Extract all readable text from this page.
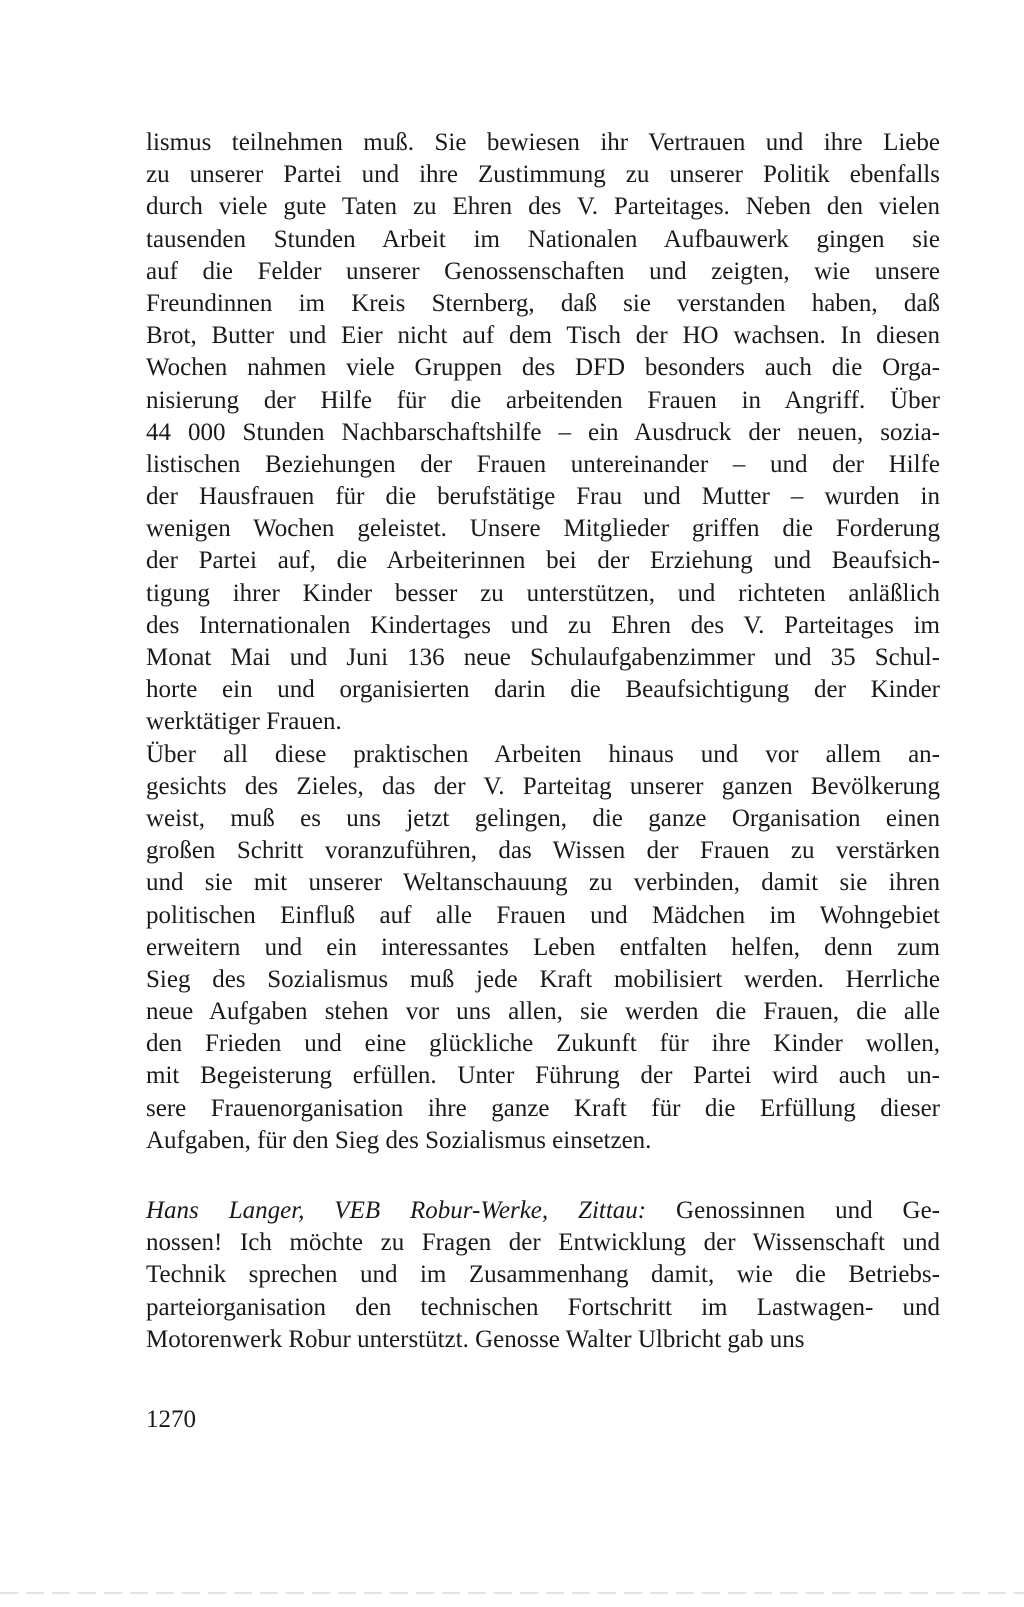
lismus teilnehmen muß. Sie bewiesen ihr Vertrauen und ihre Liebe
zu unserer Partei und ihre Zustimmung zu unserer Politik ebenfalls
durch viele gute Taten zu Ehren des V. Parteitages. Neben den vielen
tausenden Stunden Arbeit im Nationalen Aufbauwerk gingen sie
auf die Felder unserer Genossenschaften und zeigten, wie unsere
Freundinnen im Kreis Sternberg, daß sie verstanden haben, daß
Brot, Butter und Eier nicht auf dem Tisch der HO wachsen. In diesen
Wochen nahmen viele Gruppen des DFD besonders auch die Orga-
nisierung der Hilfe für die arbeitenden Frauen in Angriff. Über
44 000 Stunden Nachbarschaftshilfe – ein Ausdruck der neuen, sozia-
listischen Beziehungen der Frauen untereinander – und der Hilfe
der Hausfrauen für die berufstätige Frau und Mutter – wurden in
wenigen Wochen geleistet. Unsere Mitglieder griffen die Forderung
der Partei auf, die Arbeiterinnen bei der Erziehung und Beaufsich-
tigung ihrer Kinder besser zu unterstützen, und richteten anläßlich
des Internationalen Kindertages und zu Ehren des V. Parteitages im
Monat Mai und Juni 136 neue Schulaufgabenzimmer und 35 Schul-
horte ein und organisierten darin die Beaufsichtigung der Kinder
werktätiger Frauen.
Über all diese praktischen Arbeiten hinaus und vor allem an-
gesichts des Zieles, das der V. Parteitag unserer ganzen Bevölkerung
weist, muß es uns jetzt gelingen, die ganze Organisation einen
großen Schritt voranzuführen, das Wissen der Frauen zu verstärken
und sie mit unserer Weltanschauung zu verbinden, damit sie ihren
politischen Einfluß auf alle Frauen und Mädchen im Wohngebiet
erweitern und ein interessantes Leben entfalten helfen, denn zum
Sieg des Sozialismus muß jede Kraft mobilisiert werden. Herrliche
neue Aufgaben stehen vor uns allen, sie werden die Frauen, die alle
den Frieden und eine glückliche Zukunft für ihre Kinder wollen,
mit Begeisterung erfüllen. Unter Führung der Partei wird auch un-
sere Frauenorganisation ihre ganze Kraft für die Erfüllung dieser
Aufgaben, für den Sieg des Sozialismus einsetzen.
Hans Langer, VEB Robur-Werke, Zittau: Genossinnen und Ge-
nossen! Ich möchte zu Fragen der Entwicklung der Wissenschaft und
Technik sprechen und im Zusammenhang damit, wie die Betriebs-
parteiorganisation den technischen Fortschritt im Lastwagen- und
Motorenwerk Robur unterstützt. Genosse Walter Ulbricht gab uns
1270
